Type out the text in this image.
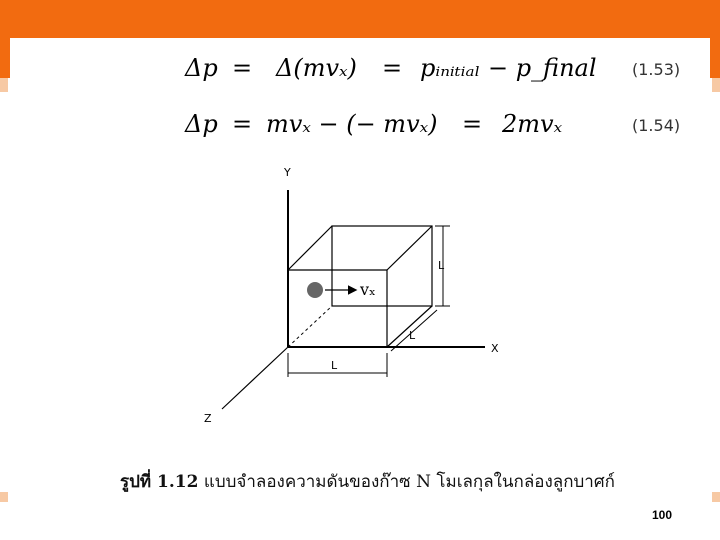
Δp = Δ(mvₓ) = pᵢₙᵢₜᵢₐₗ − p_final (1.53)
Δp = mvₓ − (− mvₓ) = 2mvₓ	(1.54)
Y
X
Z
L
L
L
vₓ
รูปที่ 1.12 แบบจำลองความดันของก๊าซ N โมเลกุลในกล่องลูกบาศก์
100
